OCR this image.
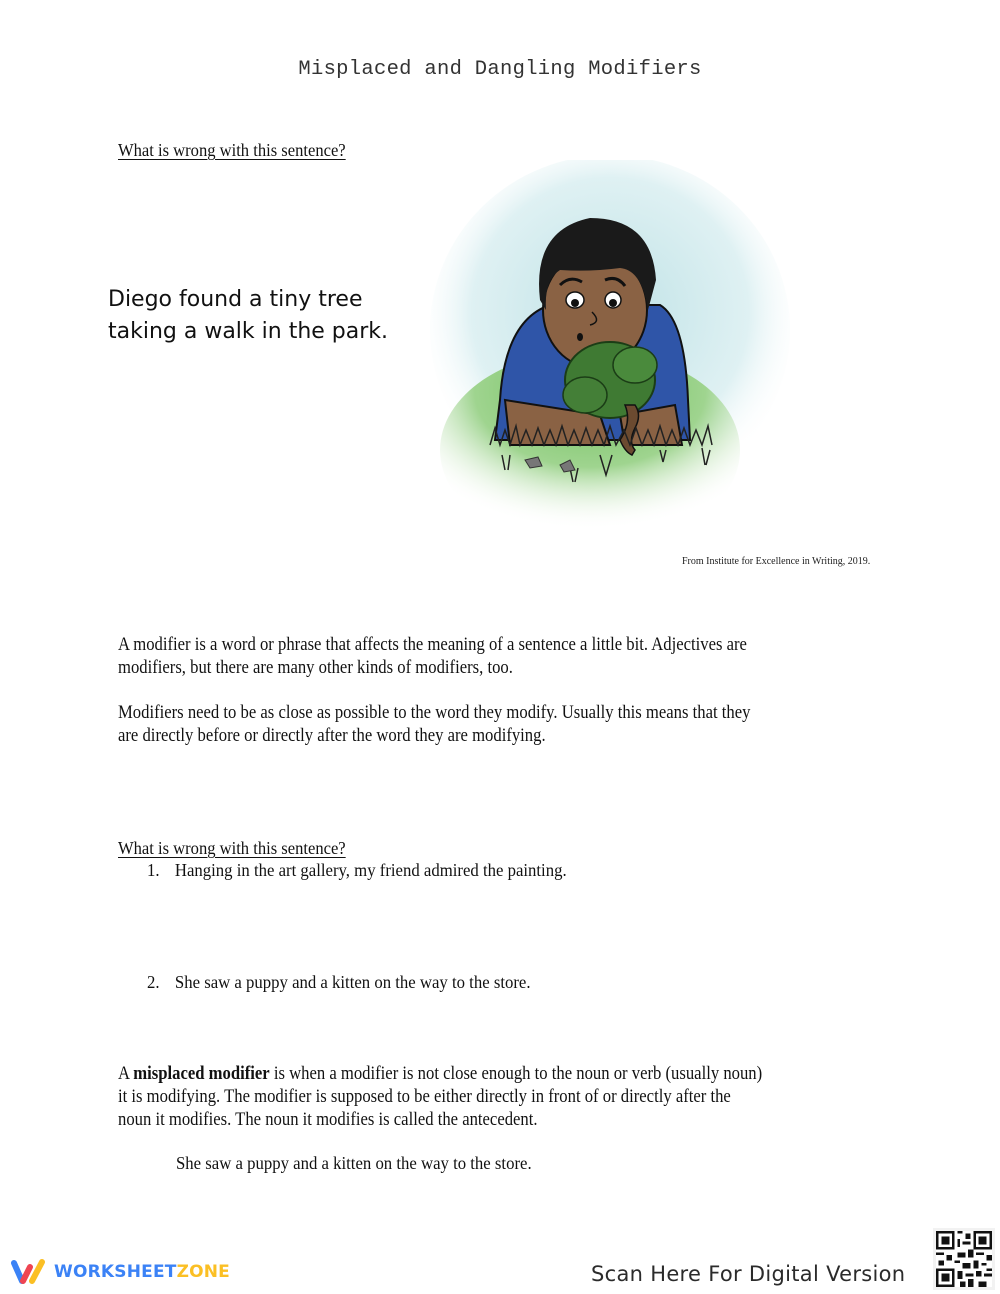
Misplaced and Dangling Modifiers
What is wrong with this sentence?
Diego found a tiny tree
taking a walk in the park.
From Institute for Excellence in Writing, 2019.
A modifier is a word or phrase that affects the meaning of a sentence a little bit. Adjectives are
modifiers, but there are many other kinds of modifiers, too.
Modifiers need to be as close as possible to the word they modify. Usually this means that they
are directly before or directly after the word they are modifying.
What is wrong with this sentence?
1. Hanging in the art gallery, my friend admired the painting.
2. She saw a puppy and a kitten on the way to the store.
A misplaced modifier is when a modifier is not close enough to the noun or verb (usually noun)
it is modifying. The modifier is supposed to be either directly in front of or directly after the
noun it modifies. The noun it modifies is called the antecedent.
She saw a puppy and a kitten on the way to the store.
WORKSHEETZONE	Scan Here For Digital Version
